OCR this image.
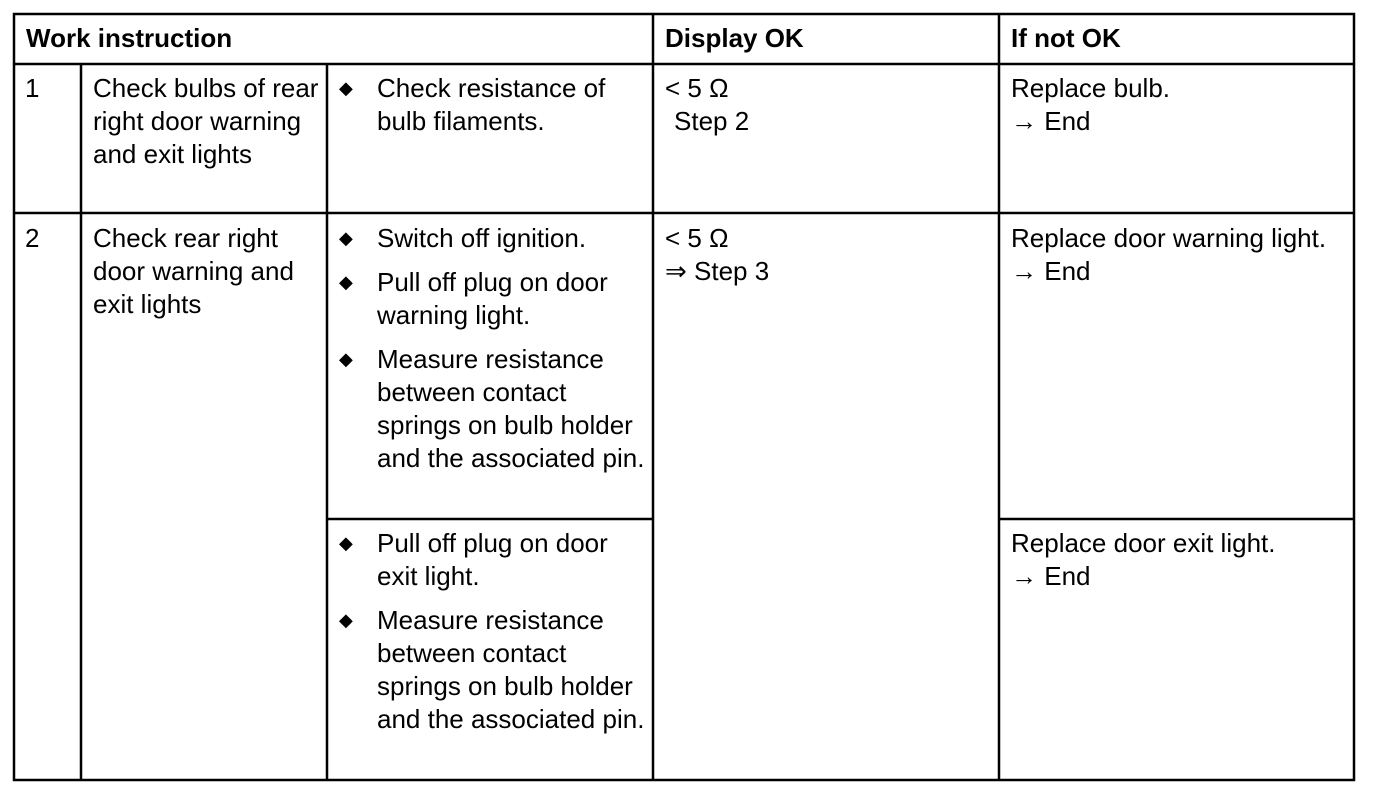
Work instruction	Display OK	If not OK
1 Check bulbs of rear right door warning and exit lights
◆ Check resistance of bulb filaments.
< 5 Ω
Step 2
Replace bulb.
→ End
2 Check rear right door warning and exit lights
◆ Switch off ignition.
◆ Pull off plug on door warning light.
◆ Measure resistance between contact springs on bulb holder and the associated pin.
◆ Pull off plug on door exit light.
◆ Measure resistance between contact springs on bulb holder and the associated pin.
< 5 Ω
⇒ Step 3
Replace door warning light.
→ End
Replace door exit light.
→ End
